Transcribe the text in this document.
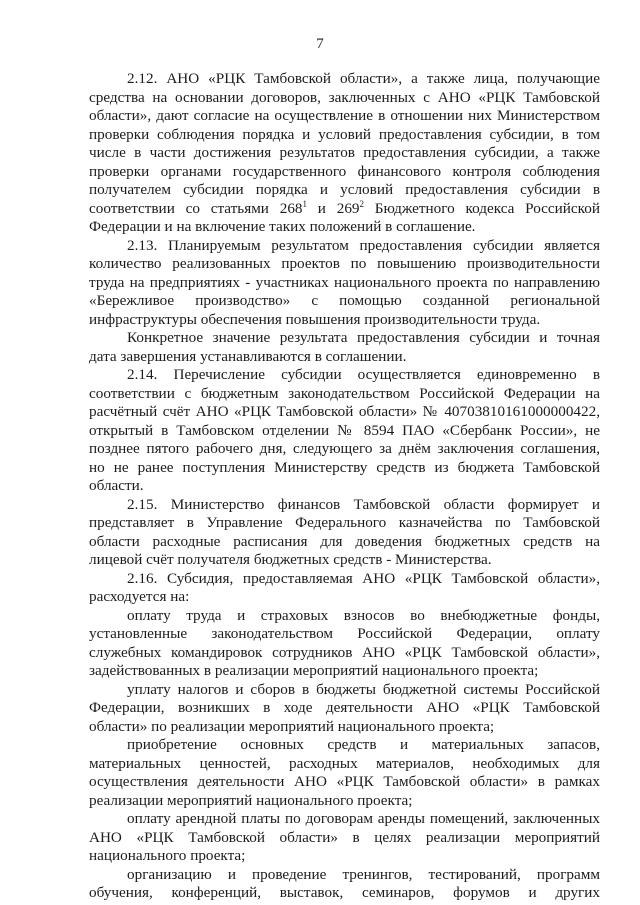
7
2.12. АНО «РЦК Тамбовской области», а также лица, получающие
средства на основании договоров, заключенных с АНО «РЦК Тамбовской
области», дают согласие на осуществление в отношении них Министерством
проверки соблюдения порядка и условий предоставления субсидии, в том
числе в части достижения результатов предоставления субсидии, а также
проверки органами государственного финансового контроля соблюдения
получателем субсидии порядка и условий предоставления субсидии в
соответствии со статьями $268^1$ и $269^2$ Бюджетного кодекса Российской
Федерации и на включение таких положений в соглашение.
2.13. Планируемым результатом предоставления субсидии является
количество реализованных проектов по повышению производительности
труда на предприятиях - участниках национального проекта по направлению
«Бережливое производство» с помощью созданной региональной
инфраструктуры обеспечения повышения производительности труда.
Конкретное значение результата предоставления субсидии и точная
дата завершения устанавливаются в соглашении.
2.14. Перечисление субсидии осуществляется единовременно в
соответствии с бюджетным законодательством Российской Федерации на
расчётный счёт АНО «РЦК Тамбовской области» № 40703810161000000422,
открытый в Тамбовском отделении № 8594 ПАО «Сбербанк России», не
позднее пятого рабочего дня, следующего за днём заключения соглашения,
но не ранее поступления Министерству средств из бюджета Тамбовской
области.
2.15. Министерство финансов Тамбовской области формирует и
представляет в Управление Федерального казначейства по Тамбовской
области расходные расписания для доведения бюджетных средств на
лицевой счёт получателя бюджетных средств - Министерства.
2.16. Субсидия, предоставляемая АНО «РЦК Тамбовской области»,
расходуется на:
оплату труда и страховых взносов во внебюджетные фонды,
установленные законодательством Российской Федерации, оплату
служебных командировок сотрудников АНО «РЦК Тамбовской области»,
задействованных в реализации мероприятий национального проекта;
уплату налогов и сборов в бюджеты бюджетной системы Российской
Федерации, возникших в ходе деятельности АНО «РЦК Тамбовской
области» по реализации мероприятий национального проекта;
приобретение основных средств и материальных запасов,
материальных ценностей, расходных материалов, необходимых для
осуществления деятельности АНО «РЦК Тамбовской области» в рамках
реализации мероприятий национального проекта;
оплату арендной платы по договорам аренды помещений, заключенных
АНО «РЦК Тамбовской области» в целях реализации мероприятий
национального проекта;
организацию и проведение тренингов, тестирований, программ
обучения, конференций, выставок, семинаров, форумов и других
